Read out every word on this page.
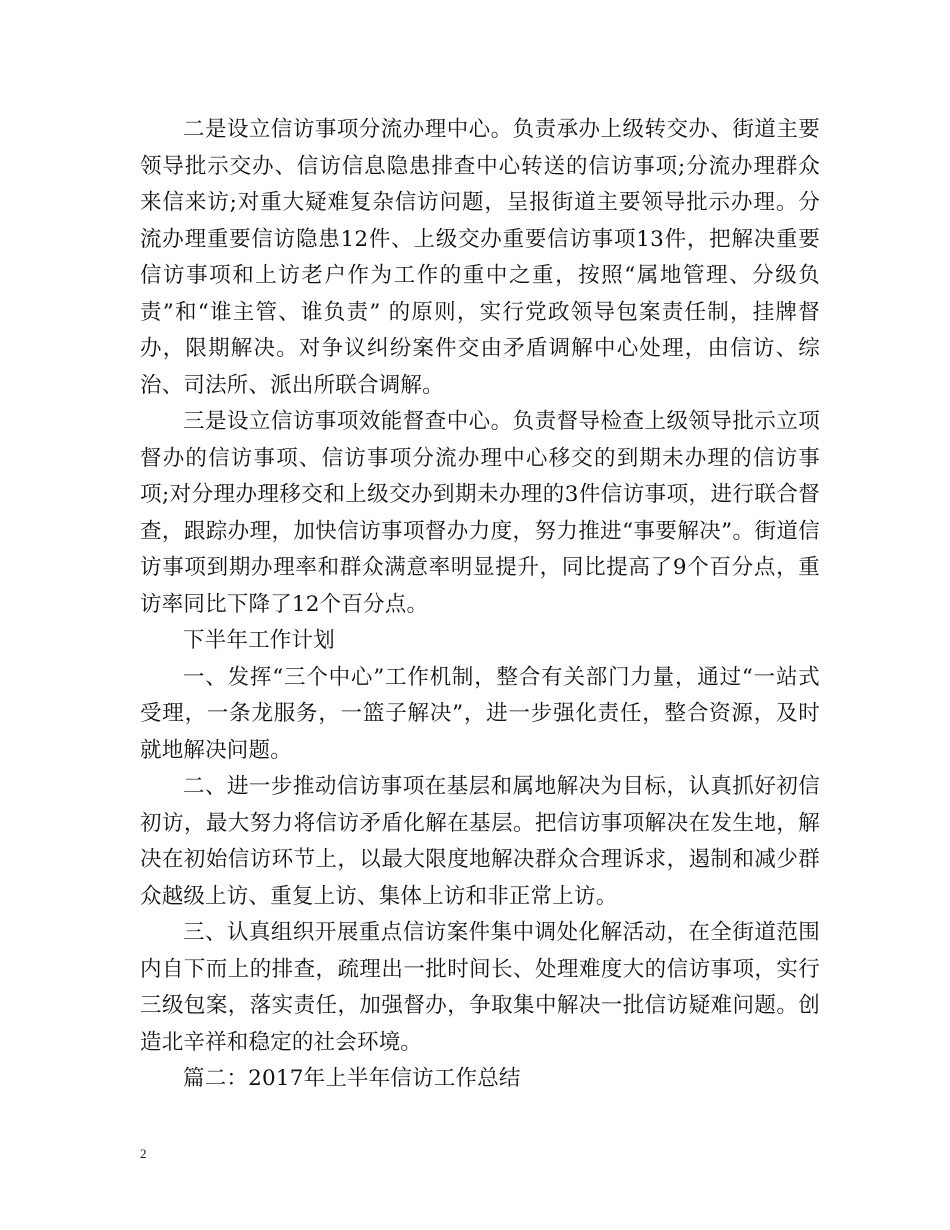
二是设立信访事项分流办理中心。负责承办上级转交办、街道主要领导批示交办、信访信息隐患排查中心转送的信访事项;分流办理群众来信来访;对重大疑难复杂信访问题，呈报街道主要领导批示办理。分流办理重要信访隐患12件、上级交办重要信访事项13件，把解决重要信访事项和上访老户作为工作的重中之重，按照“属地管理、分级负责”和“谁主管、谁负责” 的原则，实行党政领导包案责任制，挂牌督办，限期解决。对争议纠纷案件交由矛盾调解中心处理，由信访、综治、司法所、派出所联合调解。

三是设立信访事项效能督查中心。负责督导检查上级领导批示立项督办的信访事项、信访事项分流办理中心移交的到期未办理的信访事项;对分理办理移交和上级交办到期未办理的3件信访事项，进行联合督查，跟踪办理，加快信访事项督办力度，努力推进“事要解决”。街道信访事项到期办理率和群众满意率明显提升，同比提高了9个百分点，重访率同比下降了12个百分点。

下半年工作计划

一、发挥“三个中心”工作机制，整合有关部门力量，通过“一站式受理，一条龙服务，一篮子解决”，进一步强化责任，整合资源，及时就地解决问题。

二、进一步推动信访事项在基层和属地解决为目标，认真抓好初信初访，最大努力将信访矛盾化解在基层。把信访事项解决在发生地，解决在初始信访环节上，以最大限度地解决群众合理诉求，遏制和减少群众越级上访、重复上访、集体上访和非正常上访。

三、认真组织开展重点信访案件集中调处化解活动，在全街道范围内自下而上的排查，疏理出一批时间长、处理难度大的信访事项，实行三级包案，落实责任，加强督办，争取集中解决一批信访疑难问题。创造北辛祥和稳定的社会环境。

篇二：2017年上半年信访工作总结

2
